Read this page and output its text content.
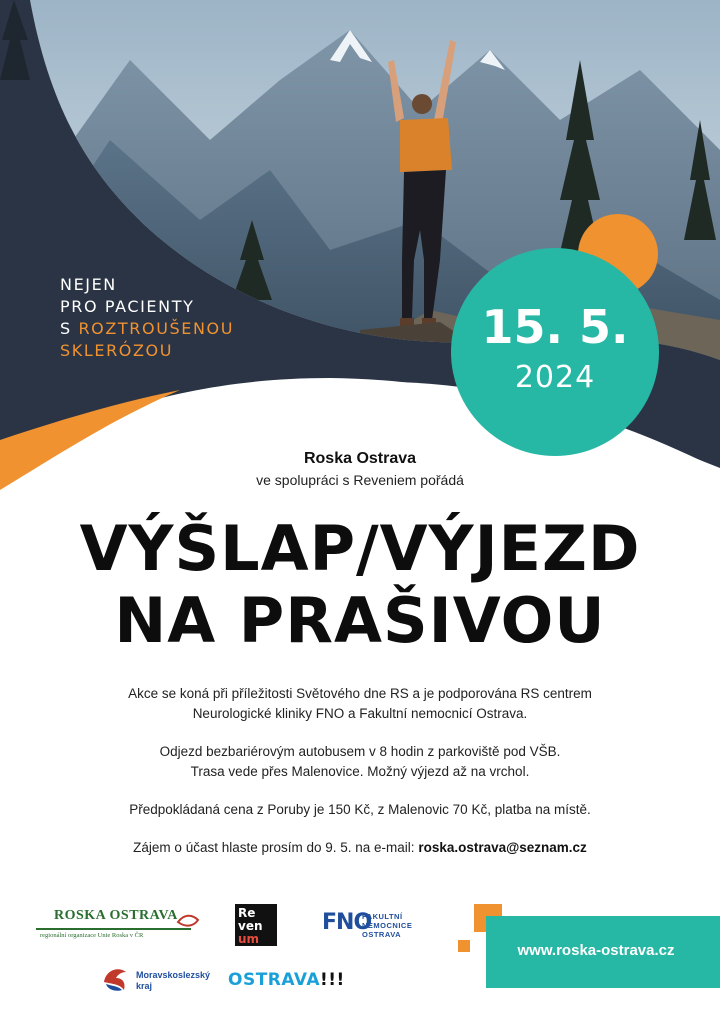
NEJEN
PRO PACIENTY
S ROZTROUŠENOU
SKLERÓZOU	15. 5.
2024
Roska Ostrava
ve spolupráci s Reveniem pořádá
VÝŠLAP/VÝJEZD
NA PRAŠIVOU
Akce se koná při příležitosti Světového dne RS a je podporována RS centrem
Neurologické kliniky FNO a Fakultní nemocnicí Ostrava.
Odjezd bezbariérovým autobusem v 8 hodin z parkoviště pod VŠB.
Trasa vede přes Malenovice. Možný výjezd až na vrchol.
Předpokládaná cena z Poruby je 150 Kč, z Malenovic 70 Kč, platba na místě.
Zájem o účast hlaste prosím do 9. 5. na e-mail: roska.ostrava@seznam.cz
ROSKA OSTRAVA
regionální organizace Unie Roska v ČR
Re
ven
um
FNO
FAKULTNÍ
NEMOCNICE
OSTRAVA
Moravskoslezský
kraj	OSTRAVA!!!
www.roska-ostrava.cz
